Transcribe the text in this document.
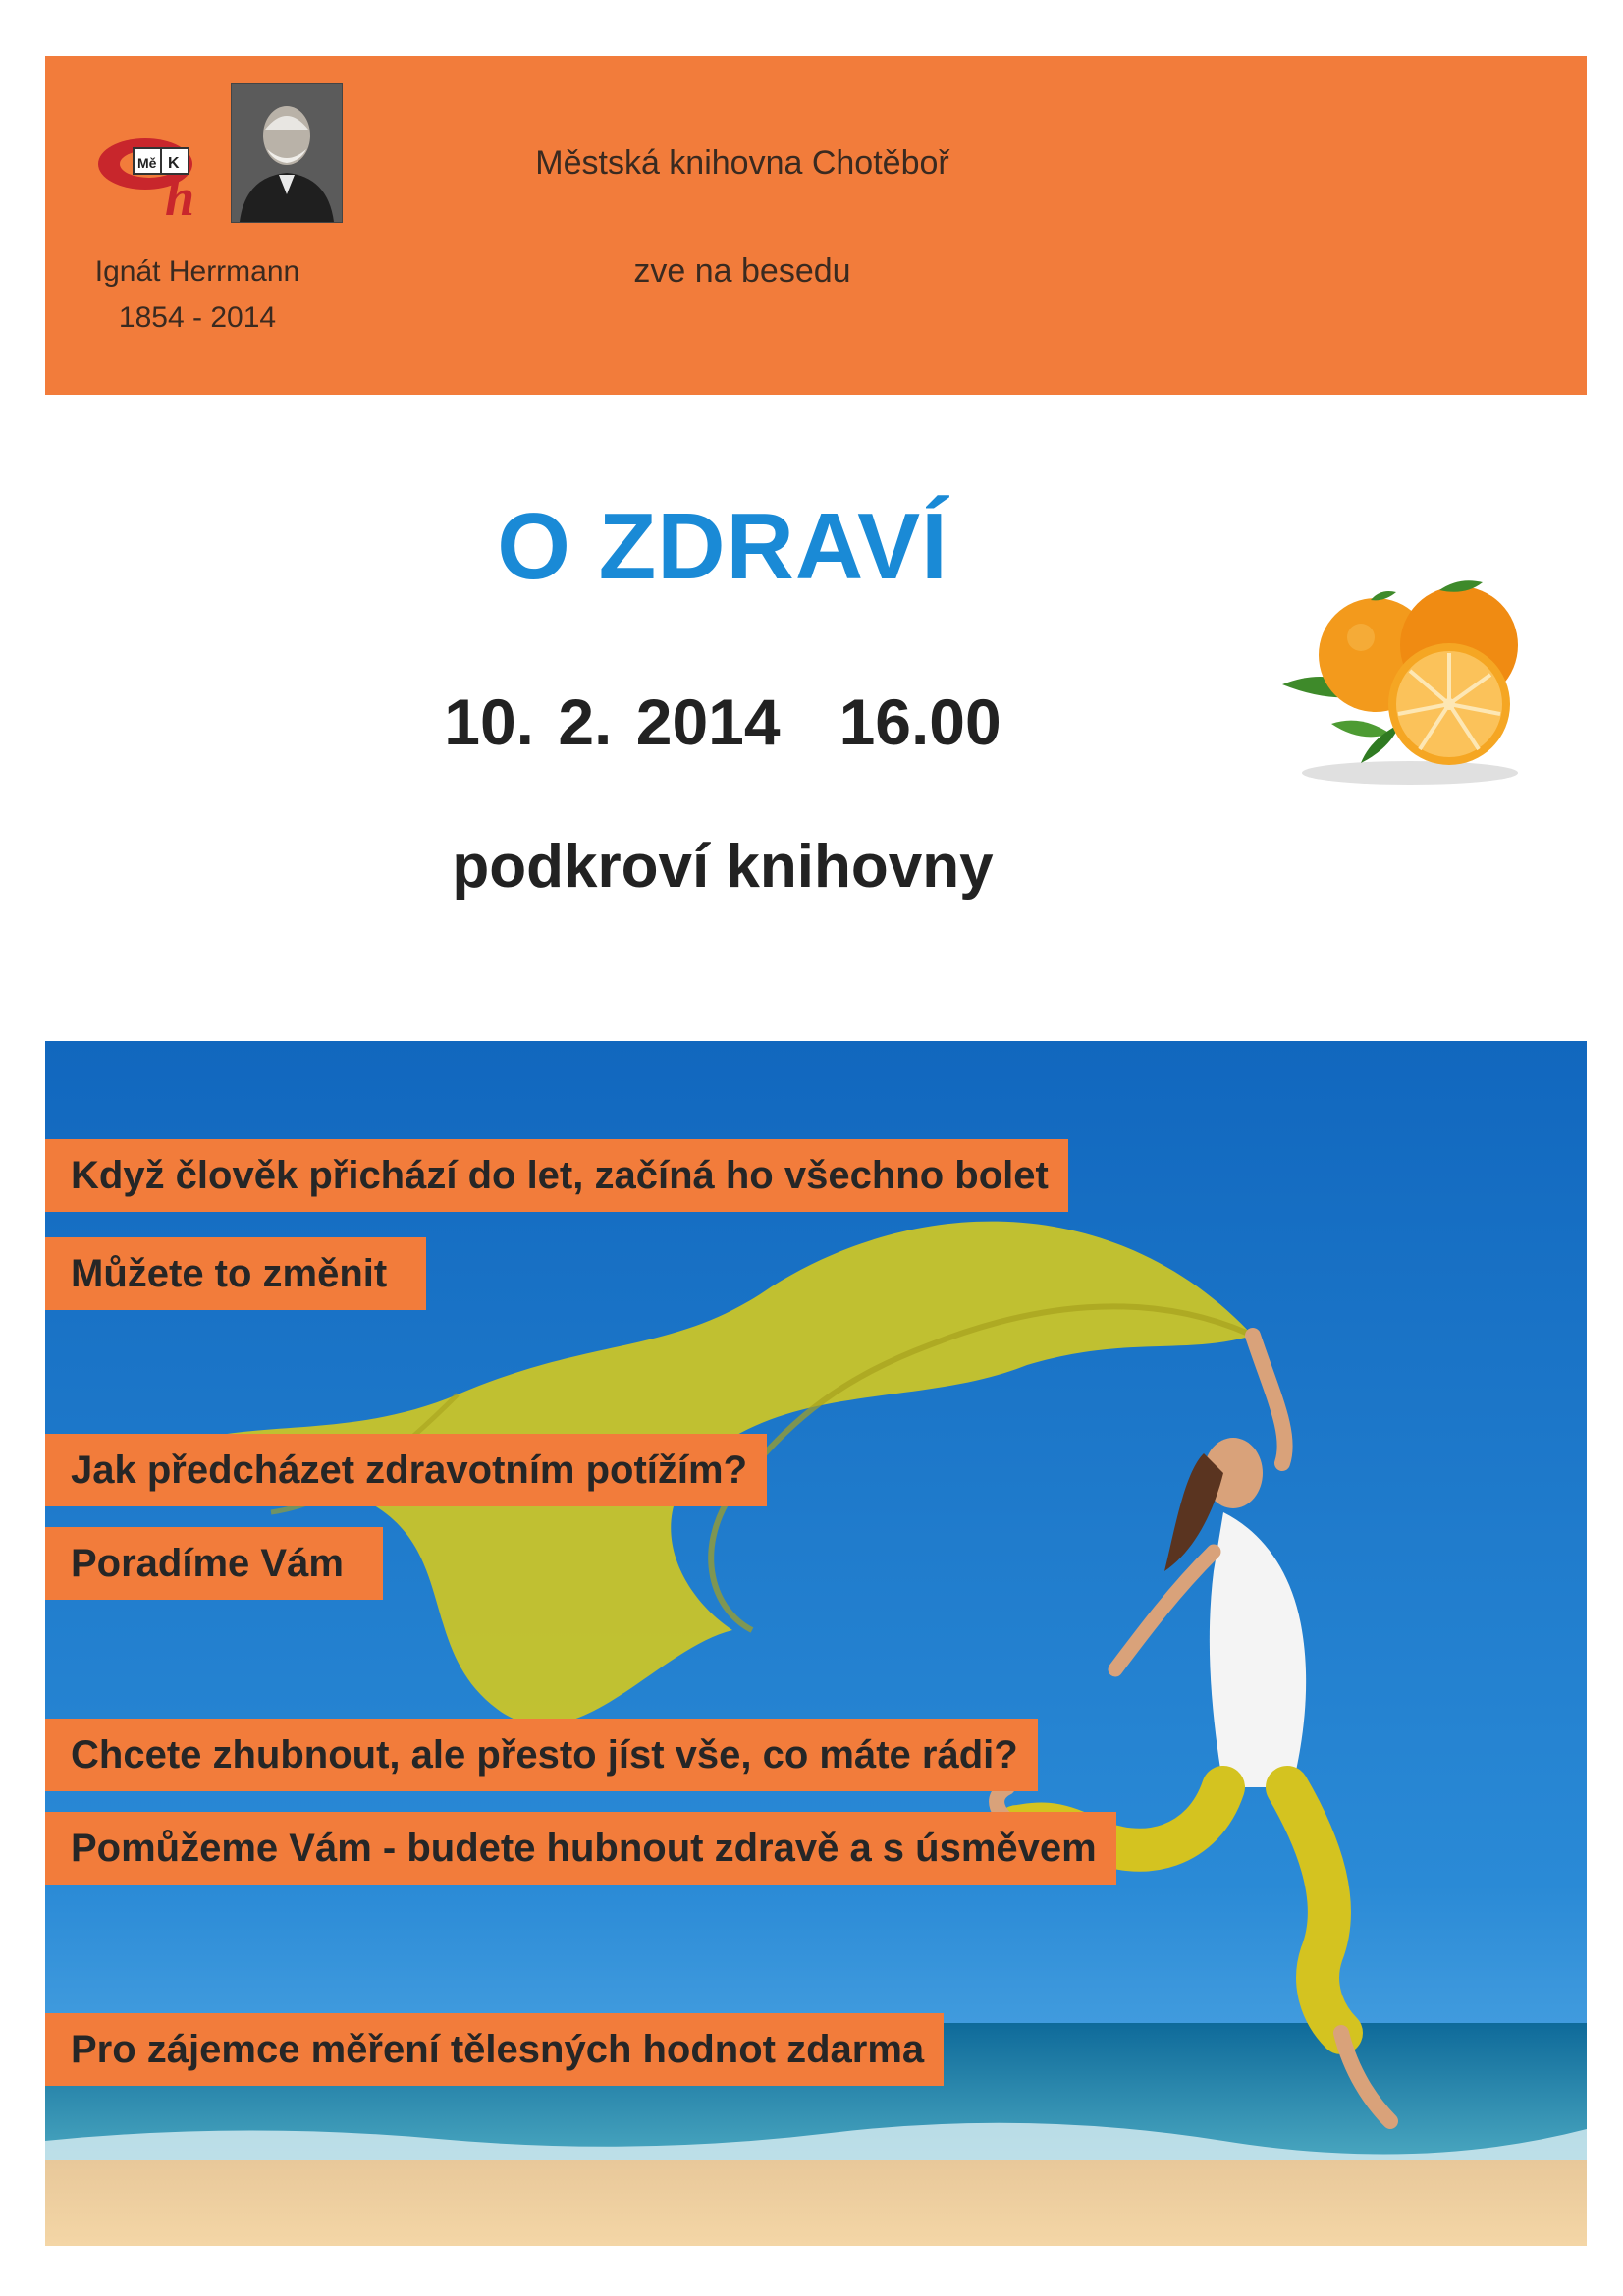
Mě K
h
Ignát Herrmann
1854 - 2014
Městská knihovna Chotěboř
zve na besedu
O ZDRAVÍ
10. 2. 2014 16.00
podkroví knihovny
Když člověk přichází do let, začíná ho všechno bolet
Můžete to změnit
Jak předcházet zdravotním potížím?
Poradíme Vám
Chcete zhubnout, ale přesto jíst vše, co máte rádi?
Pomůžeme Vám - budete hubnout zdravě a s úsměvem
Pro zájemce měření tělesných hodnot zdarma
